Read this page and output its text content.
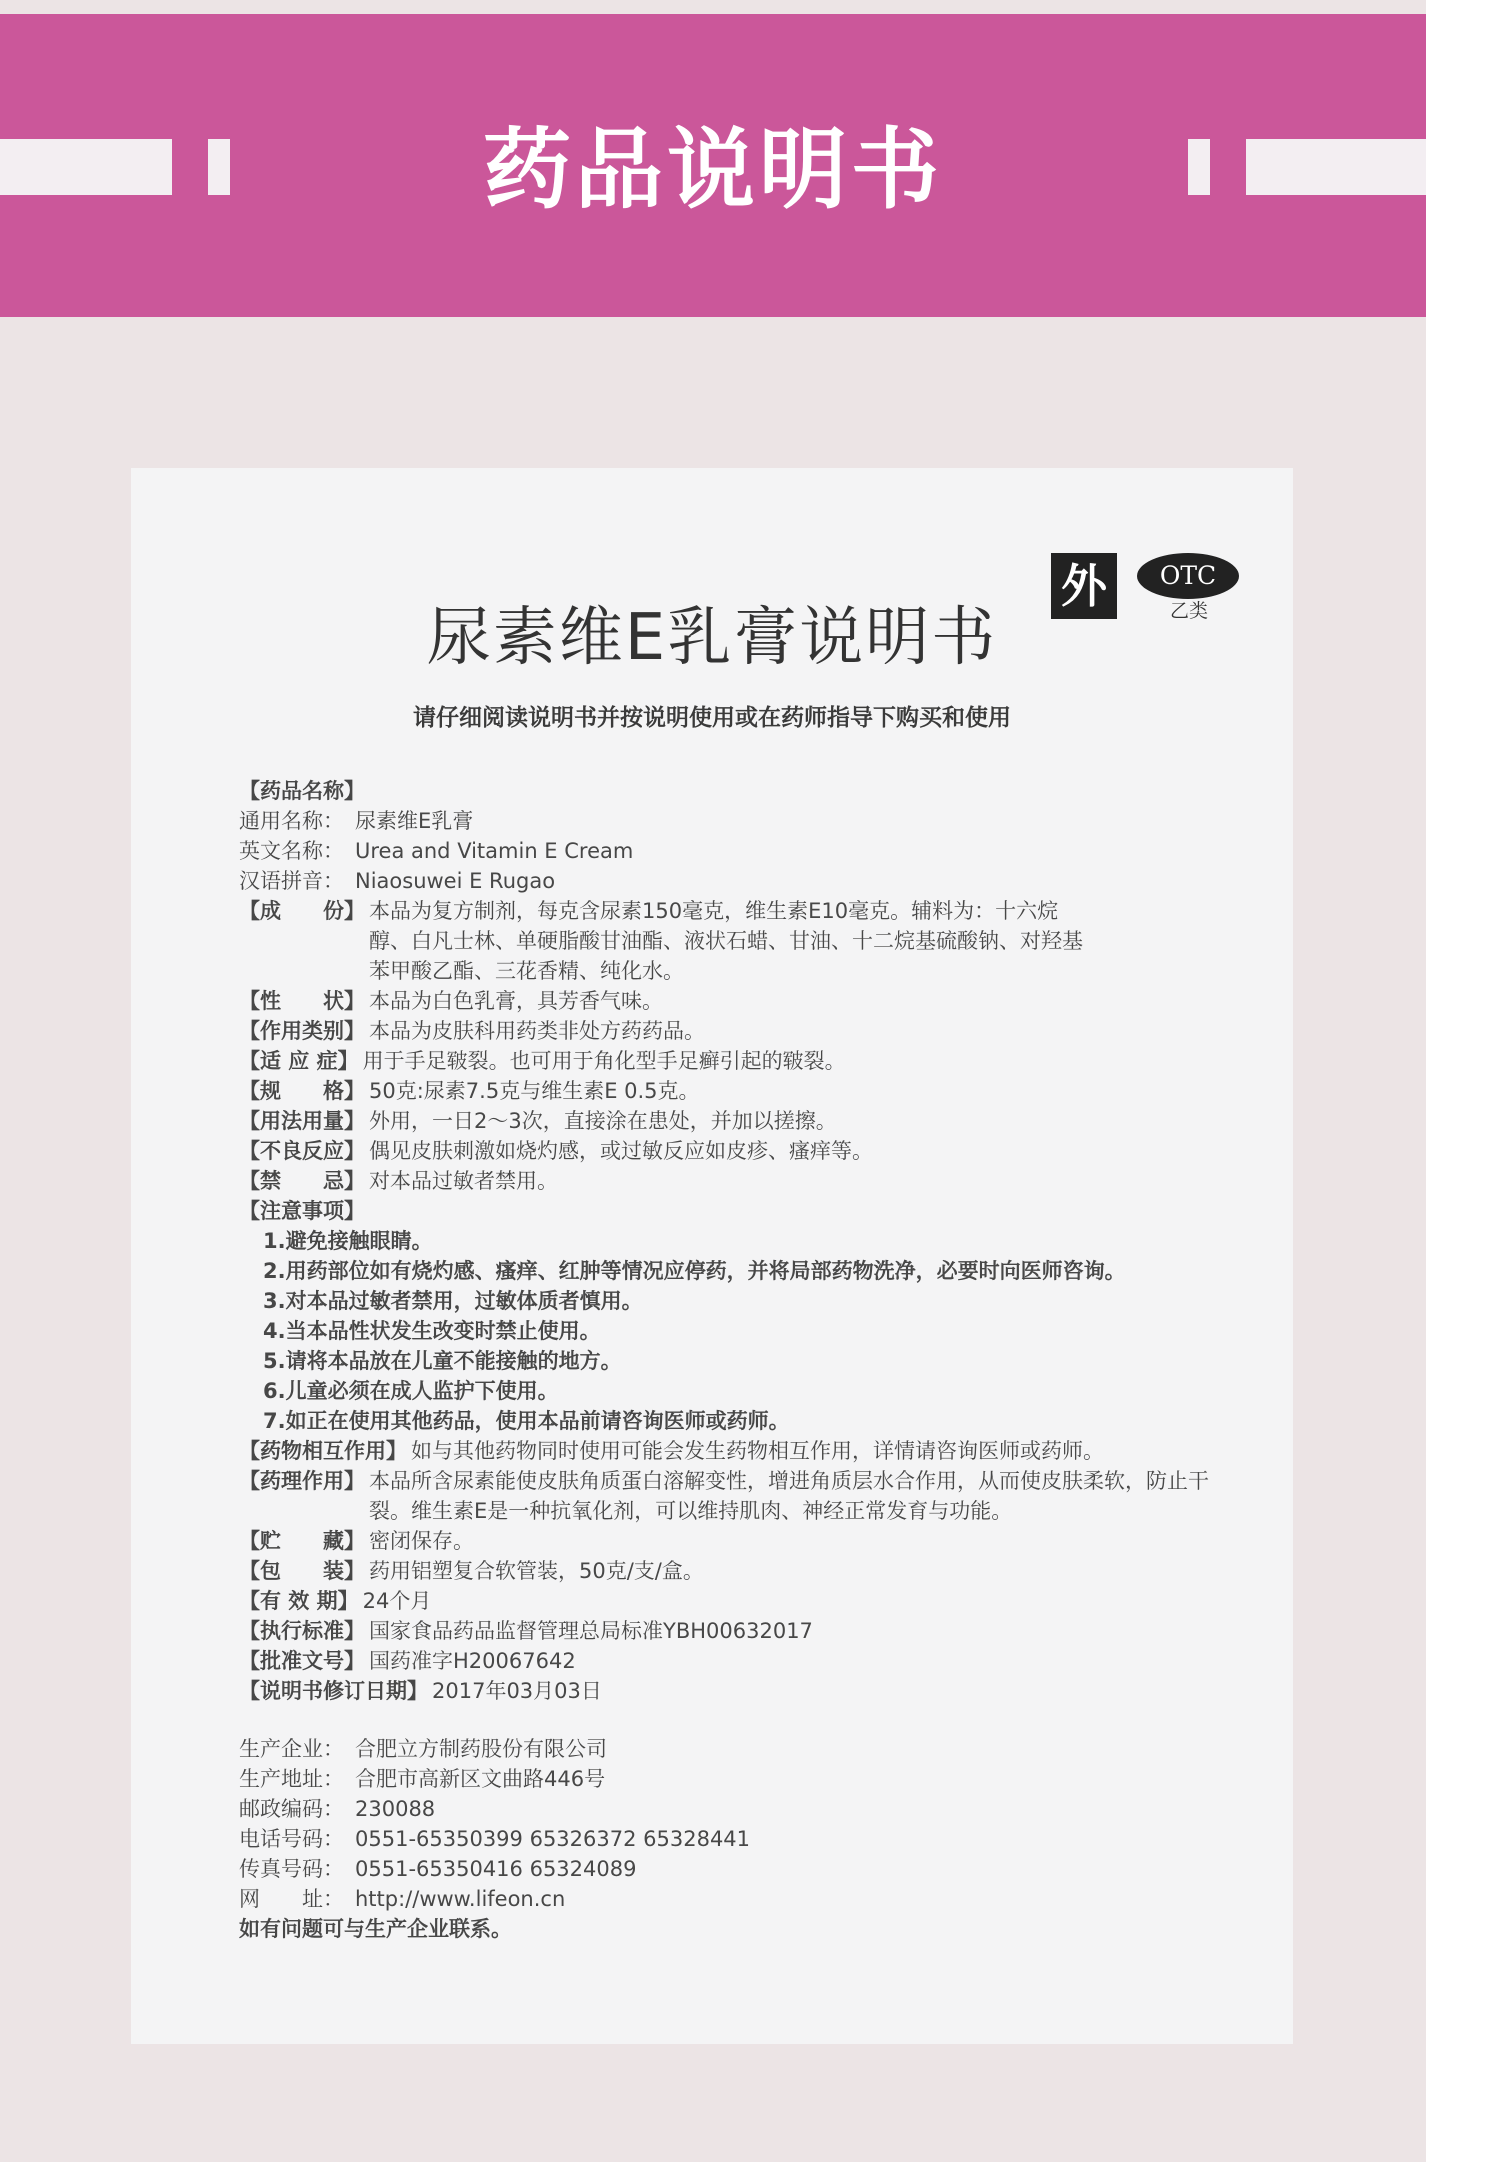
药品说明书
外	OTC
乙类
尿素维E乳膏说明书
请仔细阅读说明书并按说明使用或在药师指导下购买和使用
【药品名称】
通用名称： 尿素维E乳膏
英文名称： Urea and Vitamin E Cream
汉语拼音： Niaosuwei E Rugao
【成　　份】 本品为复方制剂，每克含尿素150毫克，维生素E10毫克。辅料为：十六烷醇、白凡士林、单硬脂酸甘油酯、液状石蜡、甘油、十二烷基硫酸钠、对羟基苯甲酸乙酯、三花香精、纯化水。
【性　　状】 本品为白色乳膏，具芳香气味。
【作用类别】 本品为皮肤科用药类非处方药药品。
【适 应 症】 用于手足皲裂。也可用于角化型手足癣引起的皲裂。
【规　　格】 50克:尿素7.5克与维生素E 0.5克。
【用法用量】 外用，一日2～3次，直接涂在患处，并加以搓擦。
【不良反应】 偶见皮肤刺激如烧灼感，或过敏反应如皮疹、瘙痒等。
【禁　　忌】 对本品过敏者禁用。
【注意事项】
1.避免接触眼睛。
2.用药部位如有烧灼感、瘙痒、红肿等情况应停药，并将局部药物洗净，必要时向医师咨询。
3.对本品过敏者禁用，过敏体质者慎用。
4.当本品性状发生改变时禁止使用。
5.请将本品放在儿童不能接触的地方。
6.儿童必须在成人监护下使用。
7.如正在使用其他药品，使用本品前请咨询医师或药师。
【药物相互作用】 如与其他药物同时使用可能会发生药物相互作用，详情请咨询医师或药师。
【药理作用】 本品所含尿素能使皮肤角质蛋白溶解变性，增进角质层水合作用，从而使皮肤柔软，防止干裂。维生素E是一种抗氧化剂，可以维持肌肉、神经正常发育与功能。
【贮　　藏】 密闭保存。
【包　　装】 药用铝塑复合软管装，50克/支/盒。
【有 效 期】 24个月
【执行标准】 国家食品药品监督管理总局标准YBH00632017
【批准文号】 国药准字H20067642
【说明书修订日期】 2017年03月03日
生产企业： 合肥立方制药股份有限公司
生产地址： 合肥市高新区文曲路446号
邮政编码： 230088
电话号码： 0551-65350399 65326372 65328441
传真号码： 0551-65350416 65324089
网　　址： http://www.lifeon.cn
如有问题可与生产企业联系。
